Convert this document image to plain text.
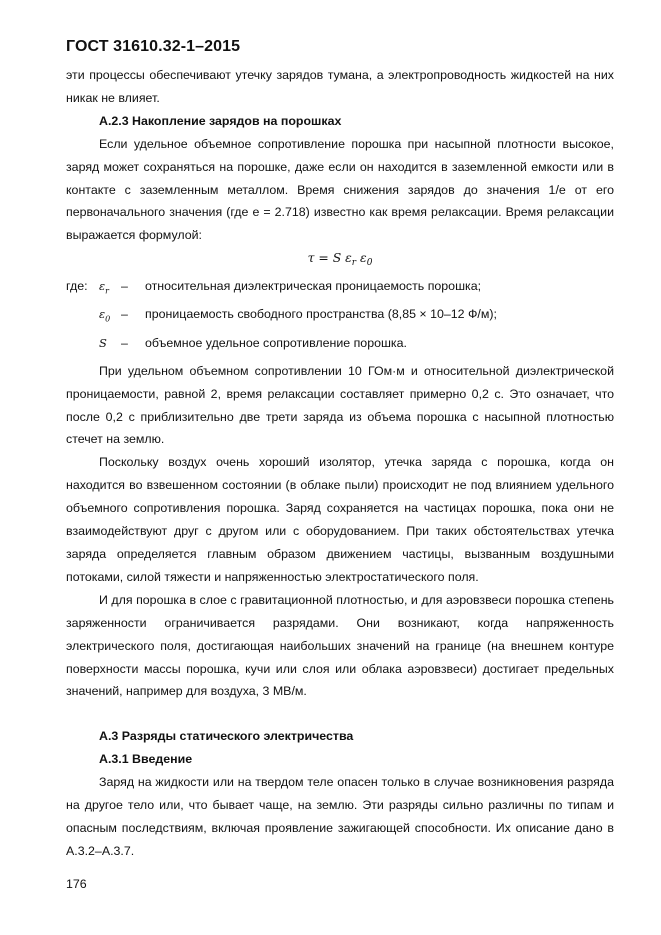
ГОСТ 31610.32-1–2015

эти процессы обеспечивают утечку зарядов тумана, а электропроводность жидкостей на них никак не влияет.

А.2.3 Накопление зарядов на порошках

Если удельное объемное сопротивление порошка при насыпной плотности высокое, заряд может сохраняться на порошке, даже если он находится в заземленной емкости или в контакте с заземленным металлом. Время снижения зарядов до значения 1/e от его первоначального значения (где e = 2.718) известно как время релаксации. Время релаксации выражается формулой:

τ = S $\varepsilon_r$ $\varepsilon_0$

где: $\varepsilon_r$ –	относительная диэлектрическая проницаемость порошка;
$\varepsilon_0$ –	проницаемость свободного пространства (8,85 × 10–12 Ф/м);
S	–	объемное удельное сопротивление порошка.

При удельном объемном сопротивлении 10 ГОм·м и относительной диэлектрической проницаемости, равной 2, время релаксации составляет примерно 0,2 с. Это означает, что после 0,2 с приблизительно две трети заряда из объема порошка с насыпной плотностью стечет на землю.

Поскольку воздух очень хороший изолятор, утечка заряда с порошка, когда он находится во взвешенном состоянии (в облаке пыли) происходит не под влиянием удельного объемного сопротивления порошка. Заряд сохраняется на частицах порошка, пока они не взаимодействуют друг с другом или с оборудованием. При таких обстоятельствах утечка заряда определяется главным образом движением частицы, вызванным воздушными потоками, силой тяжести и напряженностью электростатического поля.

И для порошка в слое с гравитационной плотностью, и для аэровзвеси порошка степень заряженности ограничивается разрядами. Они возникают, когда напряженность электрического поля, достигающая наибольших значений на границе (на внешнем контуре поверхности массы порошка, кучи или слоя или облака аэровзвеси) достигает предельных значений, например для воздуха, 3 МВ/м.

А.3 Разряды статического электричества

А.3.1 Введение

Заряд на жидкости или на твердом теле опасен только в случае возникновения разряда на другое тело или, что бывает чаще, на землю. Эти разряды сильно различны по типам и опасным последствиям, включая проявление зажигающей способности. Их описание дано в А.3.2–А.3.7.

176
